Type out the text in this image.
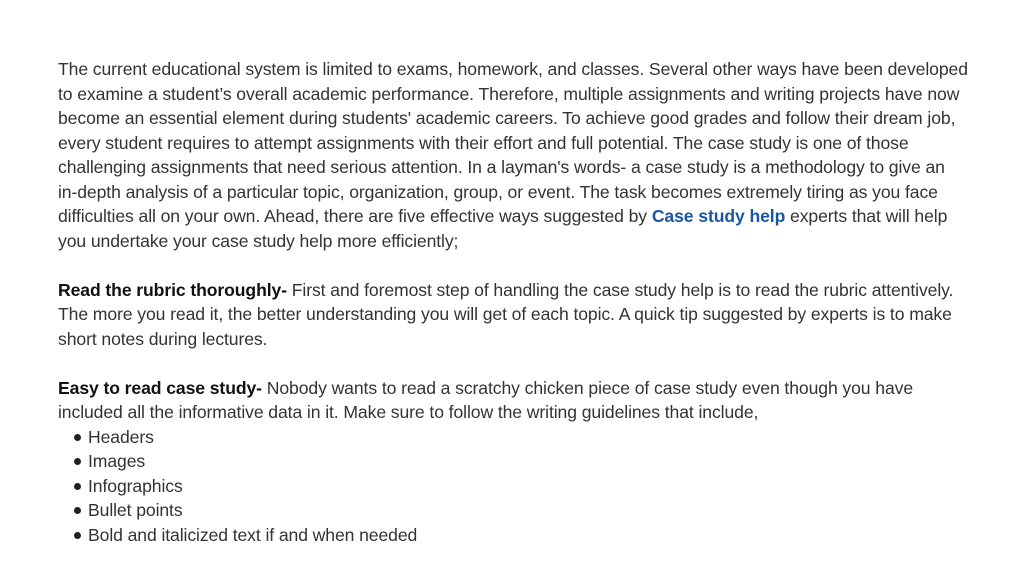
The current educational system is limited to exams, homework, and classes. Several other ways have been developed to examine a student’s overall academic performance. Therefore, multiple assignments and writing projects have now become an essential element during students' academic careers. To achieve good grades and follow their dream job, every student requires to attempt assignments with their effort and full potential. The case study is one of those challenging assignments that need serious attention. In a layman's words- a case study is a methodology to give an in-depth analysis of a particular topic, organization, group, or event. The task becomes extremely tiring as you face difficulties all on your own. Ahead, there are five effective ways suggested by Case study help experts that will help you undertake your case study help more efficiently;

Read the rubric thoroughly- First and foremost step of handling the case study help is to read the rubric attentively. The more you read it, the better understanding you will get of each topic. A quick tip suggested by experts is to make short notes during lectures.

Easy to read case study- Nobody wants to read a scratchy chicken piece of case study even though you have included all the informative data in it. Make sure to follow the writing guidelines that include,

Headers
Images
Infographics
Bullet points
Bold and italicized text if and when needed
